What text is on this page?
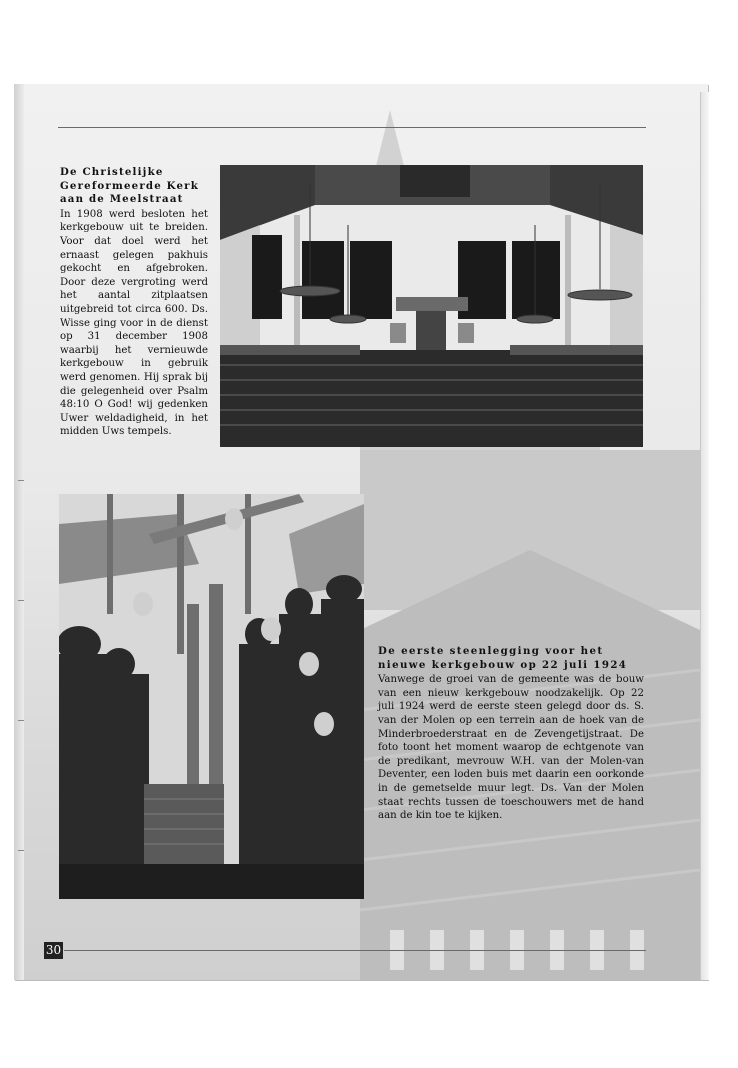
De Christelijke Gereformeerde Kerk aan de Meelstraat

In 1908 werd besloten het kerkgebouw uit te breiden. Voor dat doel werd het ernaast gelegen pakhuis gekocht en afgebroken. Door deze vergroting werd het aantal zitplaatsen uitgebreid tot circa 600. Ds. Wisse ging voor in de dienst op 31 december 1908 waarbij het vernieuwde kerkgebouw in gebruik werd genomen. Hij sprak bij die gelegenheid over Psalm 48:10 O God! wij gedenken Uwer weldadigheid, in het midden Uws tempels.

De eerste steenlegging voor het nieuwe kerkgebouw op 22 juli 1924

Vanwege de groei van de gemeente was de bouw van een nieuw kerkgebouw noodzakelijk. Op 22 juli 1924 werd de eerste steen gelegd door ds. S. van der Molen op een terrein aan de hoek van de Minderbroederstraat en de Zevengetijstraat. De foto toont het moment waarop de echtgenote van de predikant, mevrouw W.H. van der Molen-van Deventer, een loden buis met daarin een oorkonde in de gemetselde muur legt. Ds. Van der Molen staat rechts tussen de toeschouwers met de hand aan de kin toe te kijken.

30
